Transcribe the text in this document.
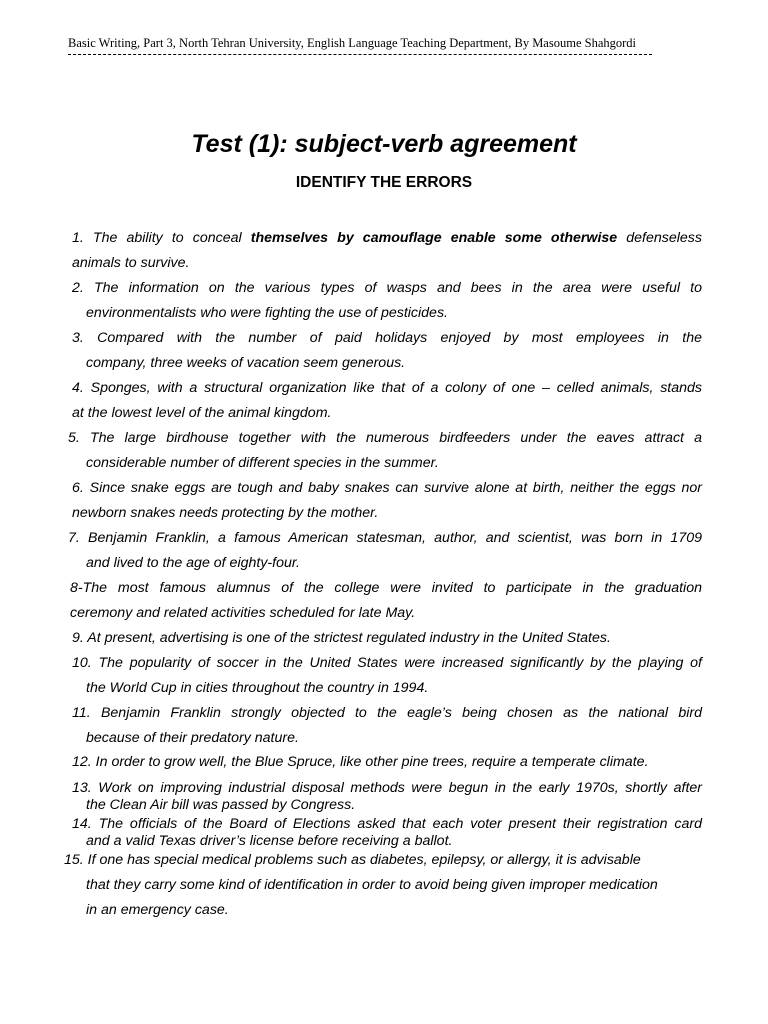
Basic Writing, Part 3, North Tehran University, English Language Teaching Department, By Masoume Shahgordi
Test (1): subject-verb agreement
IDENTIFY THE ERRORS
1. The ability to conceal themselves by camouflage enable some otherwise defenseless
animals to survive.
2. The information on the various types of wasps and bees in the area were useful to
environmentalists who were fighting the use of pesticides.
3. Compared with the number of paid holidays enjoyed by most employees in the
company, three weeks of vacation seem generous.
4. Sponges, with a structural organization like that of a colony of one – celled animals, stands
at the lowest level of the animal kingdom.
5. The large birdhouse together with the numerous birdfeeders under the eaves attract a
considerable number of different species in the summer.
6. Since snake eggs are tough and baby snakes can survive alone at birth, neither the eggs nor
newborn snakes needs protecting by the mother.
7. Benjamin Franklin, a famous American statesman, author, and scientist, was born in 1709
and lived to the age of eighty-four.
8-The most famous alumnus of the college were invited to participate in the graduation
ceremony and related activities scheduled for late May.
9. At present, advertising is one of the strictest regulated industry in the United States.
10. The popularity of soccer in the United States were increased significantly by the playing of
the World Cup in cities throughout the country in 1994.
11. Benjamin Franklin strongly objected to the eagle’s being chosen as the national bird
because of their predatory nature.
12. In order to grow well, the Blue Spruce, like other pine trees, require a temperate climate.
13. Work on improving industrial disposal methods were begun in the early 1970s, shortly after
the Clean Air bill was passed by Congress.
14. The officials of the Board of Elections asked that each voter present their registration card
and a valid Texas driver’s license before receiving a ballot.
15. If one has special medical problems such as diabetes, epilepsy, or allergy, it is advisable
that they carry some kind of identification in order to avoid being given improper medication
in an emergency case.
